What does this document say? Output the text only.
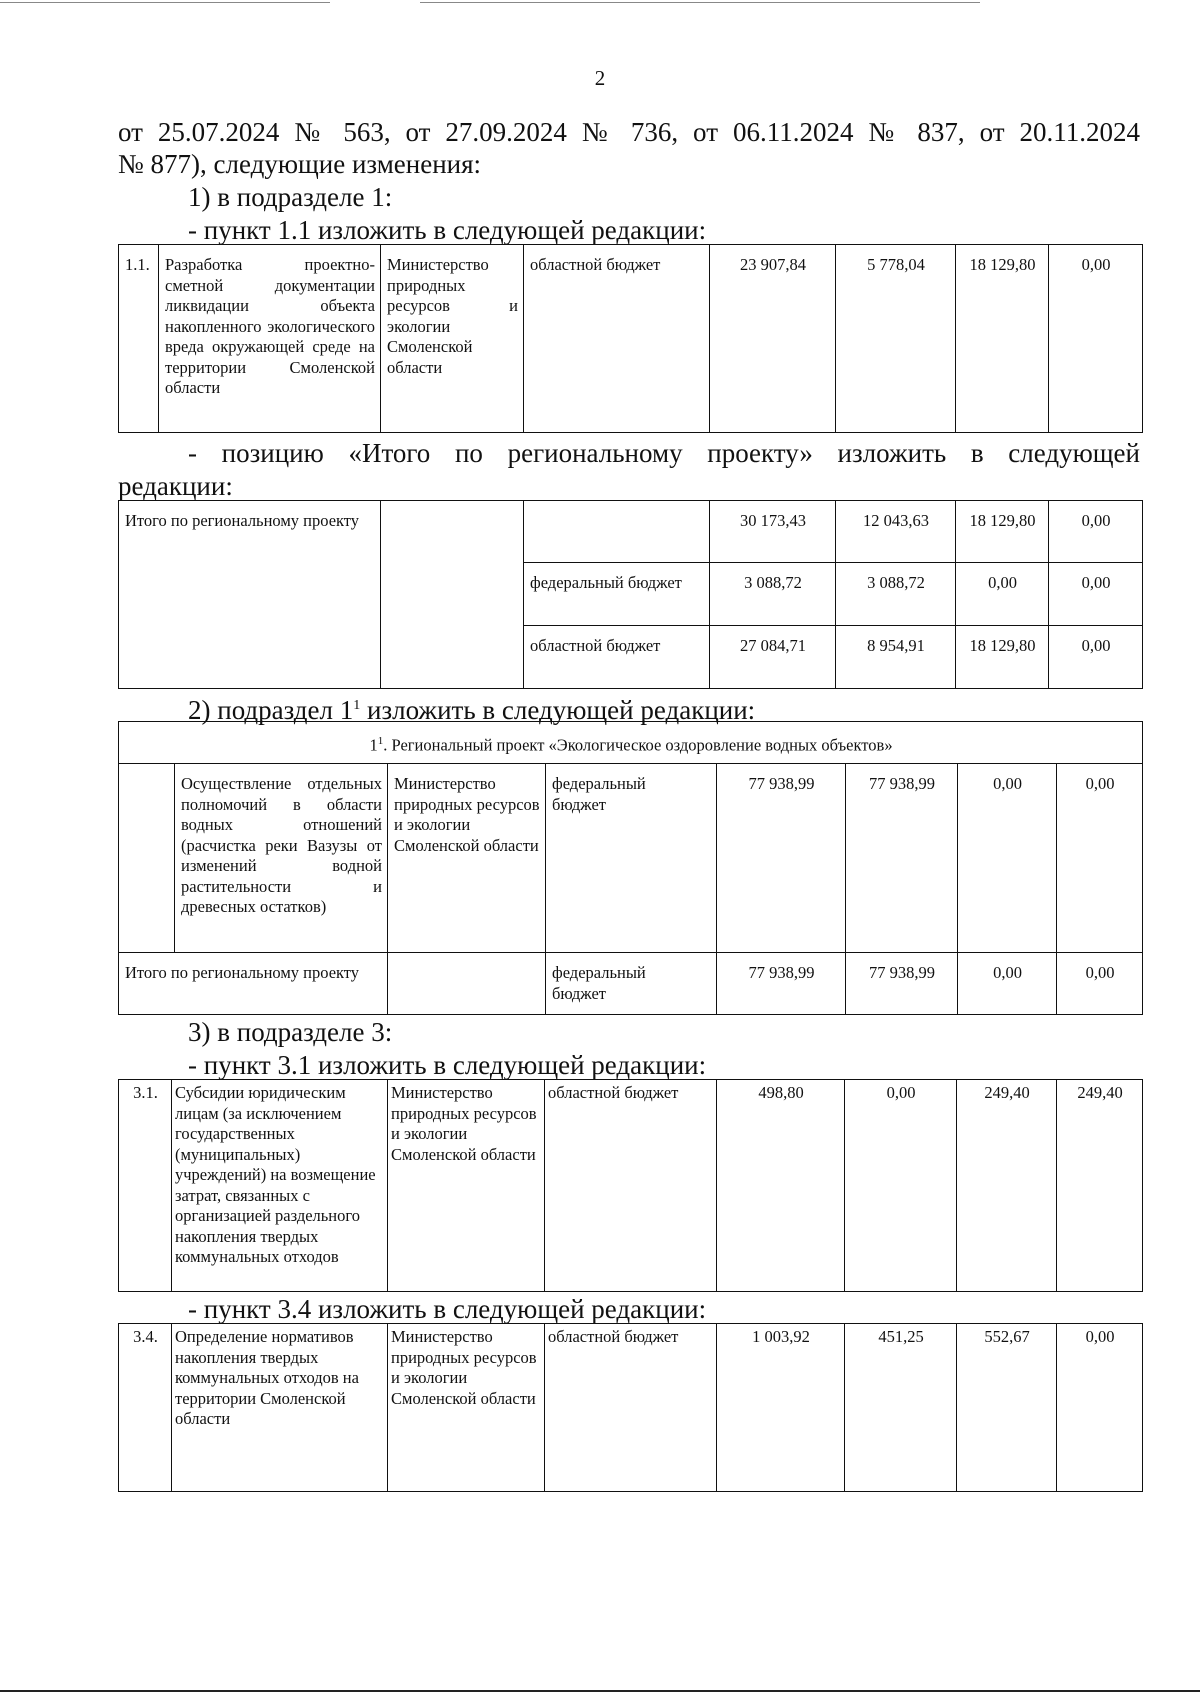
2
от 25.07.2024 № 563, от 27.09.2024 № 736, от 06.11.2024 № 837, от 20.11.2024
№ 877), следующие изменения:
1) в подразделе 1:
- пункт 1.1 изложить в следующей редакции:
1.1.	Разработка проектно-сметной документации ликвидации объекта накопленного экологического вреда окружающей среде на территории Смоленской области	Министерство природных ресурсов и экологии Смоленской области	областной бюджет	23 907,84	5 778,04	18 129,80	0,00
- позицию «Итого по региональному проекту» изложить в следующей
редакции:
Итого по региональному проекту			30 173,43	12 043,63	18 129,80	0,00
		федеральный бюджет	3 088,72	3 088,72	0,00	0,00
		областной бюджет	27 084,71	8 954,91	18 129,80	0,00
2) подраздел $1^1$ изложить в следующей редакции:
$1^1$. Региональный проект «Экологическое оздоровление водных объектов»							
	Осуществление отдельных полномочий в области водных отношений (расчистка реки Вазузы от изменений водной растительности и древесных остатков)	Министерство природных ресурсов и экологии Смоленской области	федеральный бюджет	77 938,99	77 938,99	0,00	0,00
Итого по региональному проекту			федеральный бюджет	77 938,99	77 938,99	0,00	0,00
3) в подразделе 3:
- пункт 3.1 изложить в следующей редакции:
3.1.	Субсидии юридическим лицам (за исключением государственных (муниципальных) учреждений) на возмещение затрат, связанных с организацией раздельного накопления твердых коммунальных отходов	Министерство природных ресурсов и экологии Смоленской области	областной бюджет	498,80	0,00	249,40	249,40
- пункт 3.4 изложить в следующей редакции:
3.4.	Определение нормативов накопления твердых коммунальных отходов на территории Смоленской области	Министерство природных ресурсов и экологии Смоленской области	областной бюджет	1 003,92	451,25	552,67	0,00
